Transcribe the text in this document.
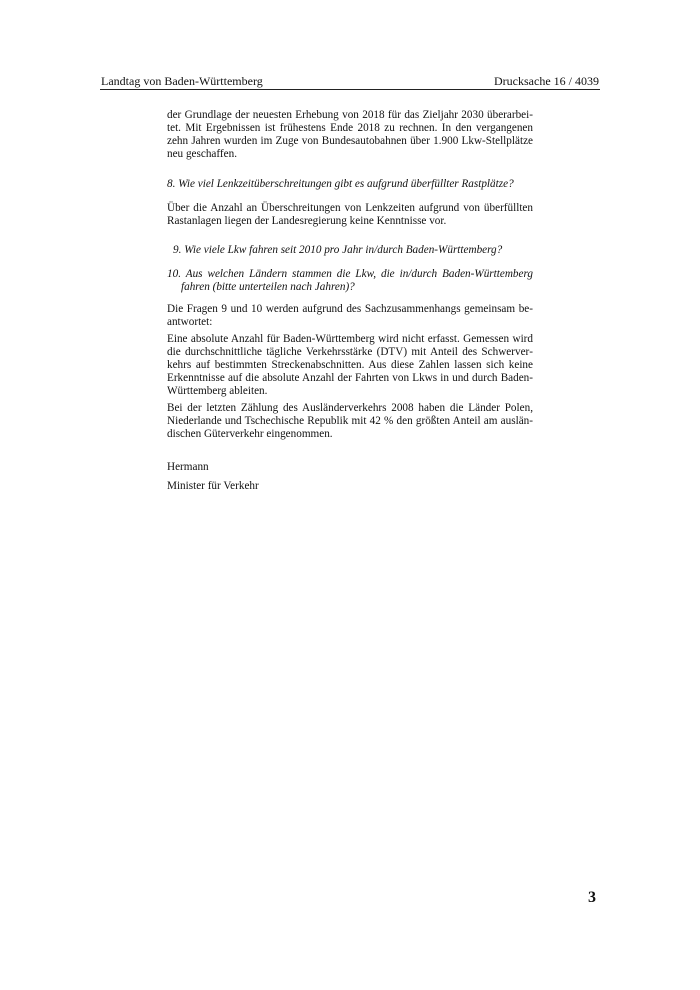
Landtag von Baden-Württemberg	Drucksache 16 / 4039

der Grundlage der neuesten Erhebung von 2018 für das Zieljahr 2030 überarbeitet. Mit Ergebnissen ist frühestens Ende 2018 zu rechnen. In den vergangenen zehn Jahren wurden im Zuge von Bundesautobahnen über 1.900 Lkw-Stellplätze neu geschaffen.

8. Wie viel Lenkzeitüberschreitungen gibt es aufgrund überfüllter Rastplätze?

Über die Anzahl an Überschreitungen von Lenkzeiten aufgrund von überfüllten Rastanlagen liegen der Landesregierung keine Kenntnisse vor.

9. Wie viele Lkw fahren seit 2010 pro Jahr in/durch Baden-Württemberg?

10. Aus welchen Ländern stammen die Lkw, die in/durch Baden-Württemberg fahren (bitte unterteilen nach Jahren)?

Die Fragen 9 und 10 werden aufgrund des Sachzusammenhangs gemeinsam beantwortet:

Eine absolute Anzahl für Baden-Württemberg wird nicht erfasst. Gemessen wird die durchschnittliche tägliche Verkehrsstärke (DTV) mit Anteil des Schwerverkehrs auf bestimmten Streckenabschnitten. Aus diese Zahlen lassen sich keine Erkenntnisse auf die absolute Anzahl der Fahrten von Lkws in und durch Baden-Württemberg ableiten.

Bei der letzten Zählung des Ausländerverkehrs 2008 haben die Länder Polen, Niederlande und Tschechische Republik mit 42 % den größten Anteil am ausländischen Güterverkehr eingenommen.

Hermann

Minister für Verkehr

3
